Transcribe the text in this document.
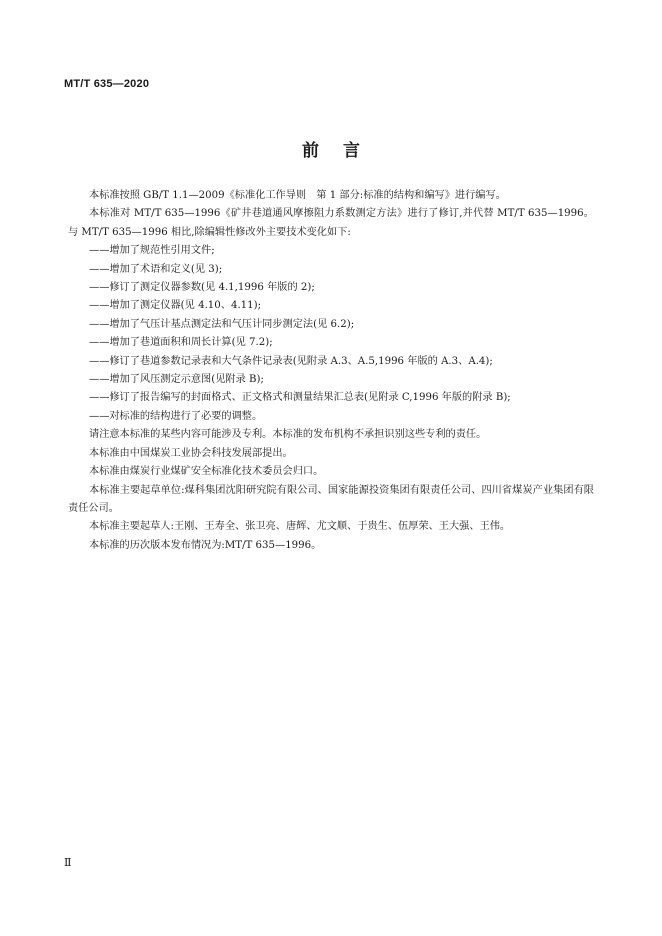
MT/T 635—2020
前言

本标准按照 GB/T 1.1—2009《标准化工作导则　第 1 部分:标准的结构和编写》进行编写。

本标准对 MT/T 635—1996《矿井巷道通风摩擦阻力系数测定方法》进行了修订,并代替 MT/T 635—1996。与 MT/T 635—1996 相比,除编辑性修改外主要技术变化如下:

——增加了规范性引用文件;

——增加了术语和定义(见 3);

——修订了测定仪器参数(见 4.1,1996 年版的 2);

——增加了测定仪器(见 4.10、4.11);

——增加了气压计基点测定法和气压计同步测定法(见 6.2);

——增加了巷道面积和周长计算(见 7.2);

——修订了巷道参数记录表和大气条件记录表(见附录 A.3、A.5,1996 年版的 A.3、A.4);

——增加了风压测定示意图(见附录 B);

——修订了报告编写的封面格式、正文格式和测量结果汇总表(见附录 C,1996 年版的附录 B);

——对标准的结构进行了必要的调整。

请注意本标准的某些内容可能涉及专利。本标准的发布机构不承担识别这些专利的责任。

本标准由中国煤炭工业协会科技发展部提出。

本标准由煤炭行业煤矿安全标准化技术委员会归口。

本标准主要起草单位:煤科集团沈阳研究院有限公司、国家能源投资集团有限责任公司、四川省煤炭产业集团有限责任公司。

本标准主要起草人:王刚、王寿全、张卫亮、唐辉、尤文顺、于贵生、伍厚荣、王大强、王伟。

本标准的历次版本发布情况为:MT/T 635—1996。

Ⅱ
